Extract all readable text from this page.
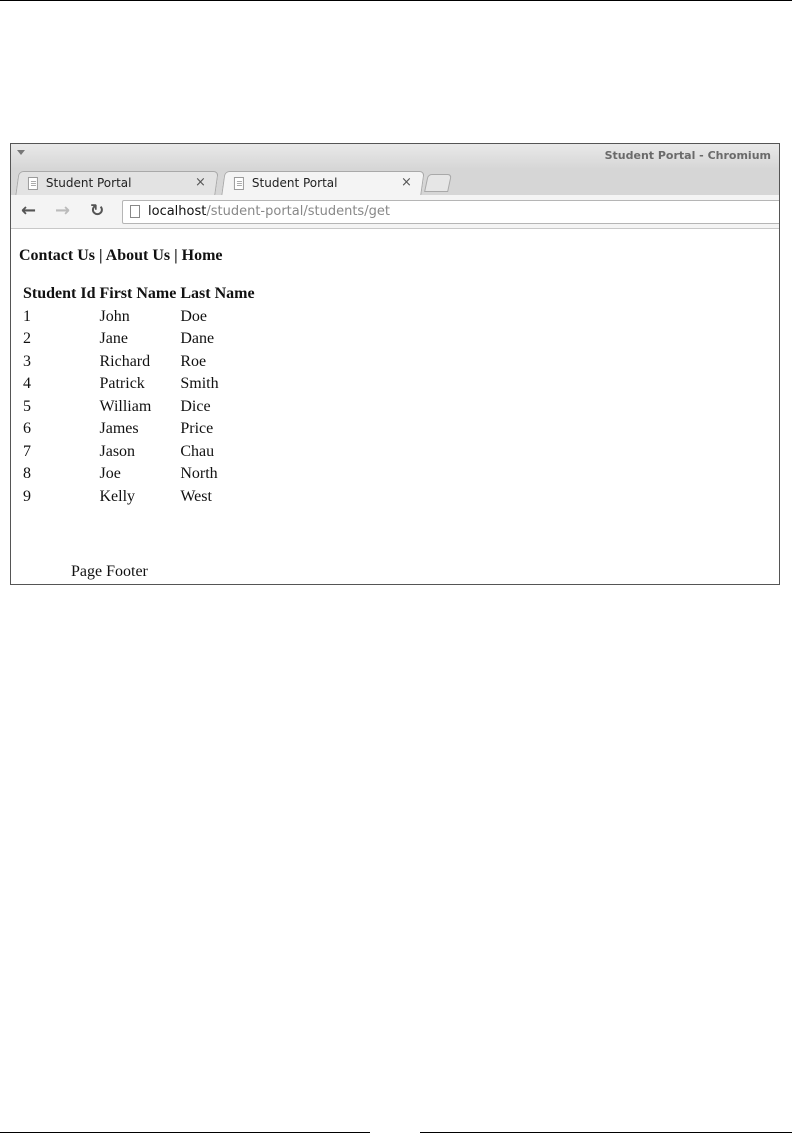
Student Portal - Chromium
Student Portal	×	Student Portal	×
← → ↻	localhost/student-portal/students/get
Contact Us | About Us | Home
Student Id	First Name	Last Name
1	John	Doe
2	Jane	Dane
3	Richard	Roe
4	Patrick	Smith
5	William	Dice
6	James	Price
7	Jason	Chau
8	Joe	North
9	Kelly	West
Page Footer
